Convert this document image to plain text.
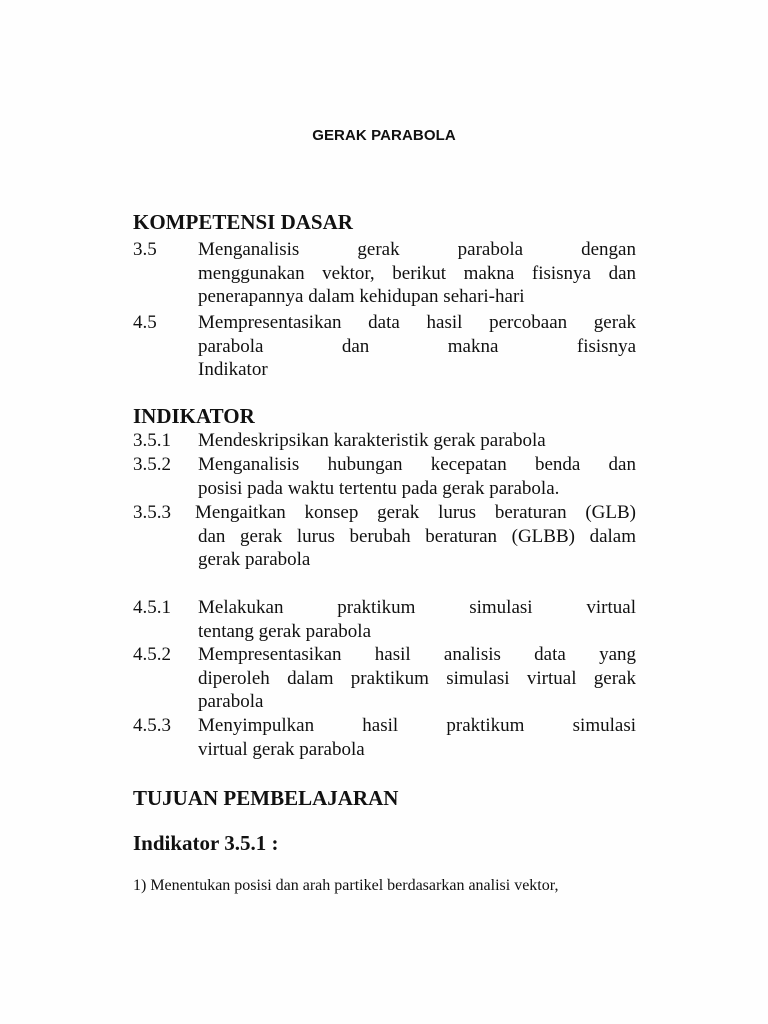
GERAK PARABOLA
KOMPETENSI DASAR
3.5 Menganalisis gerak parabola dengan
menggunakan vektor, berikut makna fisisnya dan
penerapannya dalam kehidupan sehari-hari
4.5 Mempresentasikan data hasil percobaan gerak
parabola dan makna fisisnya
Indikator
INDIKATOR
3.5.1 Mendeskripsikan karakteristik gerak parabola
3.5.2 Menganalisis hubungan kecepatan benda dan
posisi pada waktu tertentu pada gerak parabola.
3.5.3 Mengaitkan konsep gerak lurus beraturan (GLB)
dan gerak lurus berubah beraturan (GLBB) dalam
gerak parabola
4.5.1 Melakukan praktikum simulasi virtual
tentang gerak parabola
4.5.2 Mempresentasikan hasil analisis data yang
diperoleh dalam praktikum simulasi virtual gerak
parabola
4.5.3 Menyimpulkan hasil praktikum simulasi
virtual gerak parabola
TUJUAN PEMBELAJARAN
Indikator 3.5.1 :
1) Menentukan posisi dan arah partikel berdasarkan analisi vektor,
